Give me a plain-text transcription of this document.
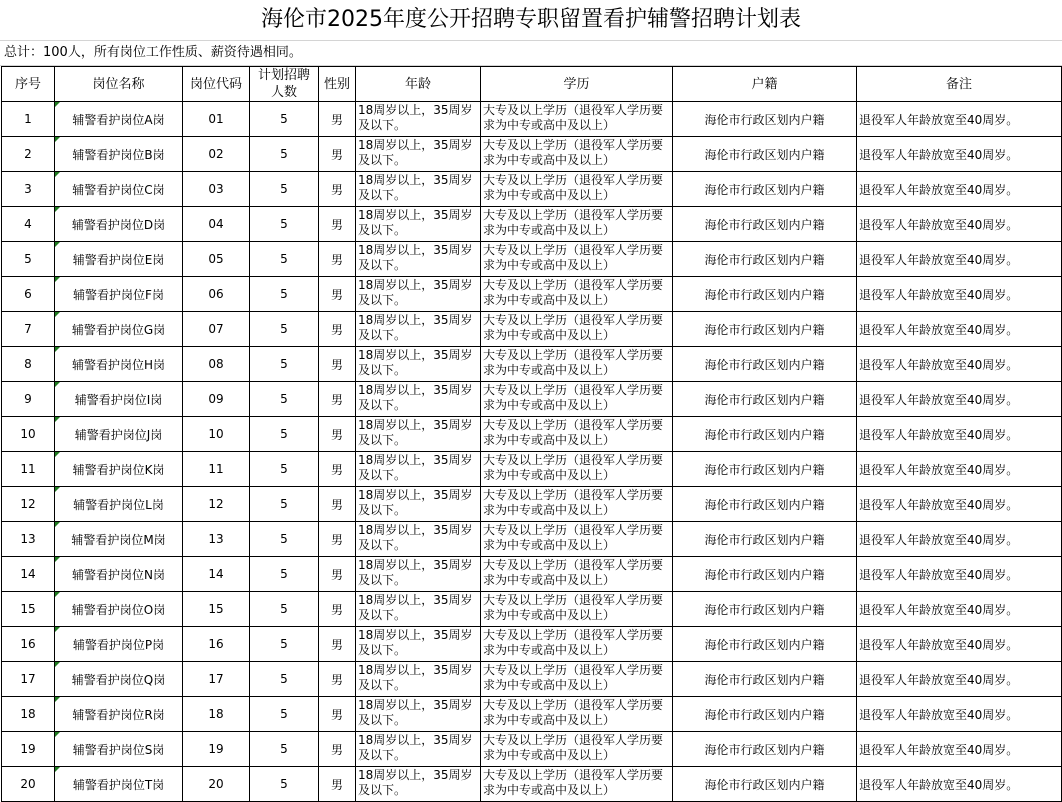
海伦市2025年度公开招聘专职留置看护辅警招聘计划表
总计：100人，所有岗位工作性质、薪资待遇相同。
序号	岗位名称	岗位代码	计划招聘人数	性别	年龄	学历	户籍	备注
1	辅警看护岗位A岗	01	5	男	18周岁以上，35周岁及以下。	大专及以上学历（退役军人学历要求为中专或高中及以上）	海伦市行政区划内户籍	退役军人年龄放宽至40周岁。
2	辅警看护岗位B岗	02	5	男	18周岁以上，35周岁及以下。	大专及以上学历（退役军人学历要求为中专或高中及以上）	海伦市行政区划内户籍	退役军人年龄放宽至40周岁。
3	辅警看护岗位C岗	03	5	男	18周岁以上，35周岁及以下。	大专及以上学历（退役军人学历要求为中专或高中及以上）	海伦市行政区划内户籍	退役军人年龄放宽至40周岁。
4	辅警看护岗位D岗	04	5	男	18周岁以上，35周岁及以下。	大专及以上学历（退役军人学历要求为中专或高中及以上）	海伦市行政区划内户籍	退役军人年龄放宽至40周岁。
5	辅警看护岗位E岗	05	5	男	18周岁以上，35周岁及以下。	大专及以上学历（退役军人学历要求为中专或高中及以上）	海伦市行政区划内户籍	退役军人年龄放宽至40周岁。
6	辅警看护岗位F岗	06	5	男	18周岁以上，35周岁及以下。	大专及以上学历（退役军人学历要求为中专或高中及以上）	海伦市行政区划内户籍	退役军人年龄放宽至40周岁。
7	辅警看护岗位G岗	07	5	男	18周岁以上，35周岁及以下。	大专及以上学历（退役军人学历要求为中专或高中及以上）	海伦市行政区划内户籍	退役军人年龄放宽至40周岁。
8	辅警看护岗位H岗	08	5	男	18周岁以上，35周岁及以下。	大专及以上学历（退役军人学历要求为中专或高中及以上）	海伦市行政区划内户籍	退役军人年龄放宽至40周岁。
9	辅警看护岗位I岗	09	5	男	18周岁以上，35周岁及以下。	大专及以上学历（退役军人学历要求为中专或高中及以上）	海伦市行政区划内户籍	退役军人年龄放宽至40周岁。
10	辅警看护岗位J岗	10	5	男	18周岁以上，35周岁及以下。	大专及以上学历（退役军人学历要求为中专或高中及以上）	海伦市行政区划内户籍	退役军人年龄放宽至40周岁。
11	辅警看护岗位K岗	11	5	男	18周岁以上，35周岁及以下。	大专及以上学历（退役军人学历要求为中专或高中及以上）	海伦市行政区划内户籍	退役军人年龄放宽至40周岁。
12	辅警看护岗位L岗	12	5	男	18周岁以上，35周岁及以下。	大专及以上学历（退役军人学历要求为中专或高中及以上）	海伦市行政区划内户籍	退役军人年龄放宽至40周岁。
13	辅警看护岗位M岗	13	5	男	18周岁以上，35周岁及以下。	大专及以上学历（退役军人学历要求为中专或高中及以上）	海伦市行政区划内户籍	退役军人年龄放宽至40周岁。
14	辅警看护岗位N岗	14	5	男	18周岁以上，35周岁及以下。	大专及以上学历（退役军人学历要求为中专或高中及以上）	海伦市行政区划内户籍	退役军人年龄放宽至40周岁。
15	辅警看护岗位O岗	15	5	男	18周岁以上，35周岁及以下。	大专及以上学历（退役军人学历要求为中专或高中及以上）	海伦市行政区划内户籍	退役军人年龄放宽至40周岁。
16	辅警看护岗位P岗	16	5	男	18周岁以上，35周岁及以下。	大专及以上学历（退役军人学历要求为中专或高中及以上）	海伦市行政区划内户籍	退役军人年龄放宽至40周岁。
17	辅警看护岗位Q岗	17	5	男	18周岁以上，35周岁及以下。	大专及以上学历（退役军人学历要求为中专或高中及以上）	海伦市行政区划内户籍	退役军人年龄放宽至40周岁。
18	辅警看护岗位R岗	18	5	男	18周岁以上，35周岁及以下。	大专及以上学历（退役军人学历要求为中专或高中及以上）	海伦市行政区划内户籍	退役军人年龄放宽至40周岁。
19	辅警看护岗位S岗	19	5	男	18周岁以上，35周岁及以下。	大专及以上学历（退役军人学历要求为中专或高中及以上）	海伦市行政区划内户籍	退役军人年龄放宽至40周岁。
20	辅警看护岗位T岗	20	5	男	18周岁以上，35周岁及以下。	大专及以上学历（退役军人学历要求为中专或高中及以上）	海伦市行政区划内户籍	退役军人年龄放宽至40周岁。
